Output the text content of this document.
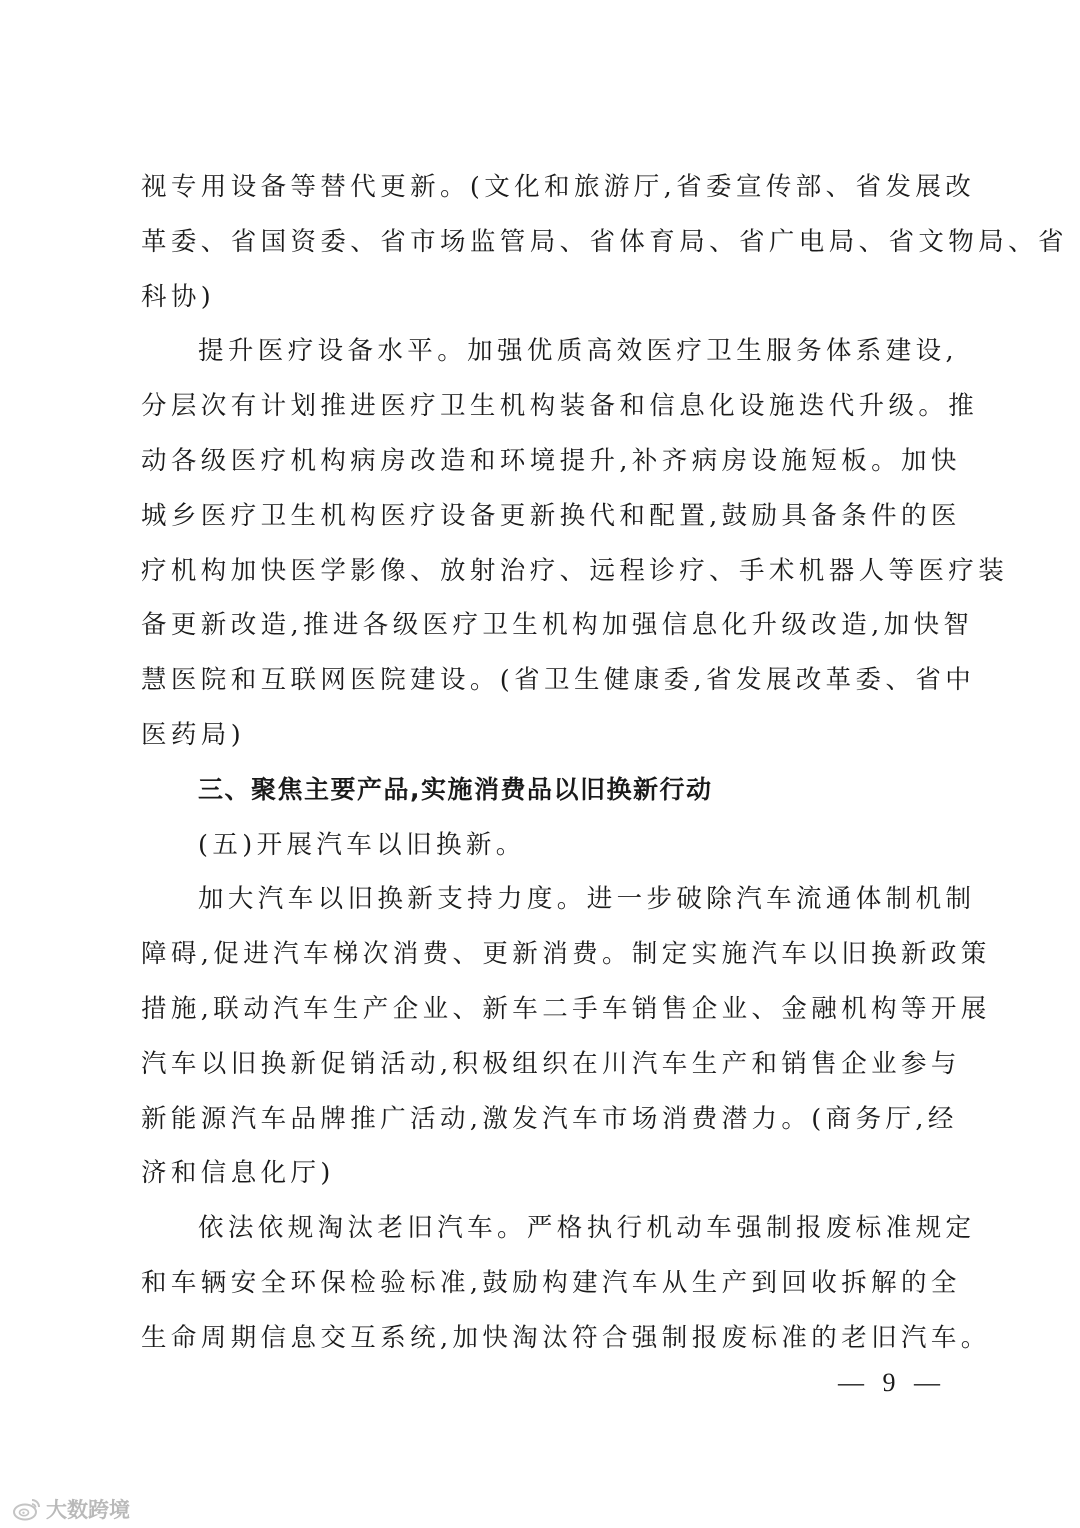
视专用设备等替代更新。(文化和旅游厅,省委宣传部、省发展改
革委、省国资委、省市场监管局、省体育局、省广电局、省文物局、省
科协)
提升医疗设备水平。加强优质高效医疗卫生服务体系建设,
分层次有计划推进医疗卫生机构装备和信息化设施迭代升级。推
动各级医疗机构病房改造和环境提升,补齐病房设施短板。加快
城乡医疗卫生机构医疗设备更新换代和配置,鼓励具备条件的医
疗机构加快医学影像、放射治疗、远程诊疗、手术机器人等医疗装
备更新改造,推进各级医疗卫生机构加强信息化升级改造,加快智
慧医院和互联网医院建设。(省卫生健康委,省发展改革委、省中
医药局)
三、聚焦主要产品,实施消费品以旧换新行动
(五)开展汽车以旧换新。
加大汽车以旧换新支持力度。进一步破除汽车流通体制机制
障碍,促进汽车梯次消费、更新消费。制定实施汽车以旧换新政策
措施,联动汽车生产企业、新车二手车销售企业、金融机构等开展
汽车以旧换新促销活动,积极组织在川汽车生产和销售企业参与
新能源汽车品牌推广活动,激发汽车市场消费潜力。(商务厅,经
济和信息化厅)
依法依规淘汰老旧汽车。严格执行机动车强制报废标准规定
和车辆安全环保检验标准,鼓励构建汽车从生产到回收拆解的全
生命周期信息交互系统,加快淘汰符合强制报废标准的老旧汽车。
— 9 —
大数跨境
